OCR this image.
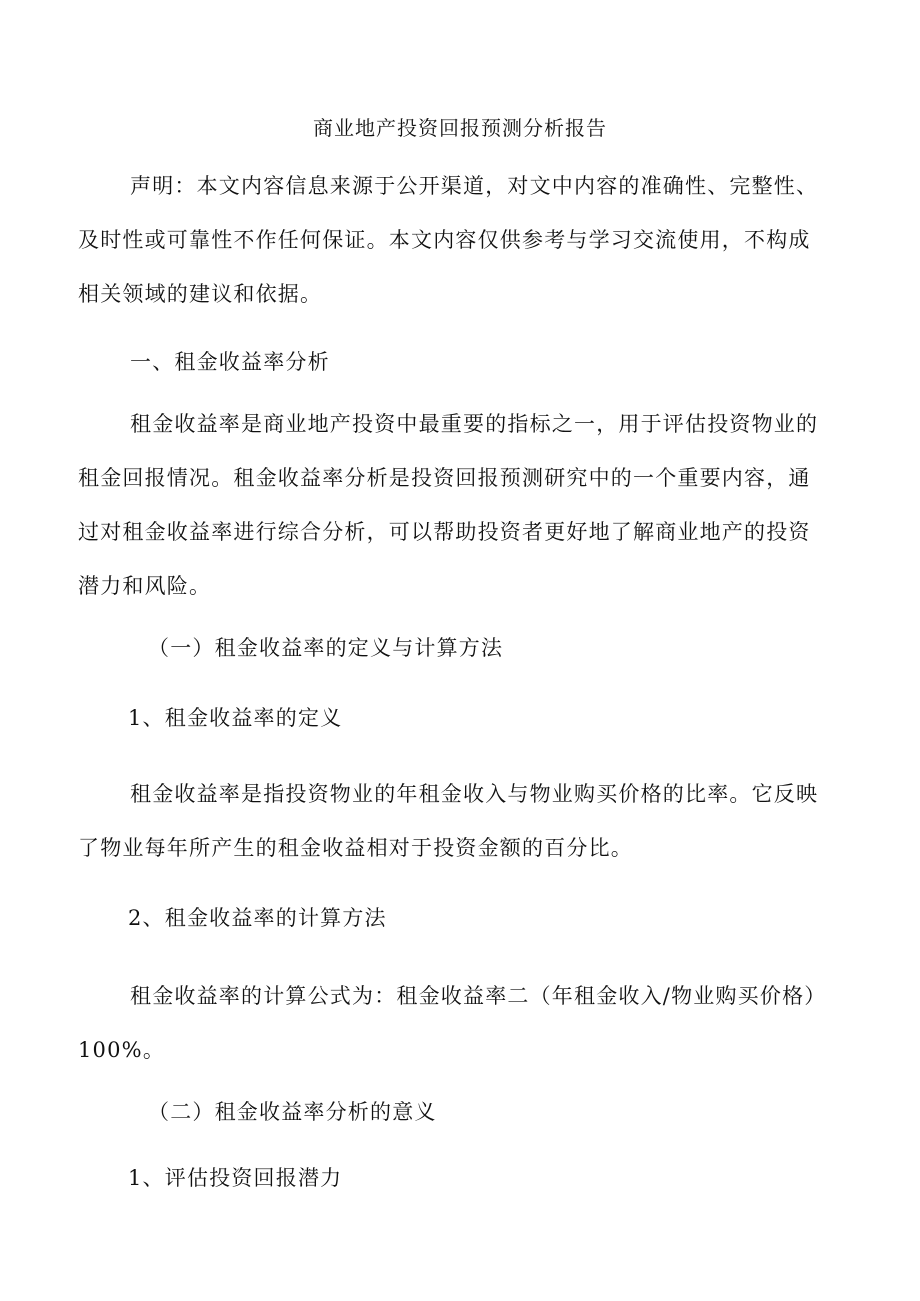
商业地产投资回报预测分析报告
声明：本文内容信息来源于公开渠道，对文中内容的准确性、完整性、
及时性或可靠性不作任何保证。本文内容仅供参考与学习交流使用，不构成
相关领域的建议和依据。
一、租金收益率分析
租金收益率是商业地产投资中最重要的指标之一，用于评估投资物业的
租金回报情况。租金收益率分析是投资回报预测研究中的一个重要内容，通
过对租金收益率进行综合分析，可以帮助投资者更好地了解商业地产的投资
潜力和风险。
（一）租金收益率的定义与计算方法
1、租金收益率的定义
租金收益率是指投资物业的年租金收入与物业购买价格的比率。它反映
了物业每年所产生的租金收益相对于投资金额的百分比。
2、租金收益率的计算方法
租金收益率的计算公式为：租金收益率二（年租金收入/物业购买价格）
100%。
（二）租金收益率分析的意义
1、评估投资回报潜力
